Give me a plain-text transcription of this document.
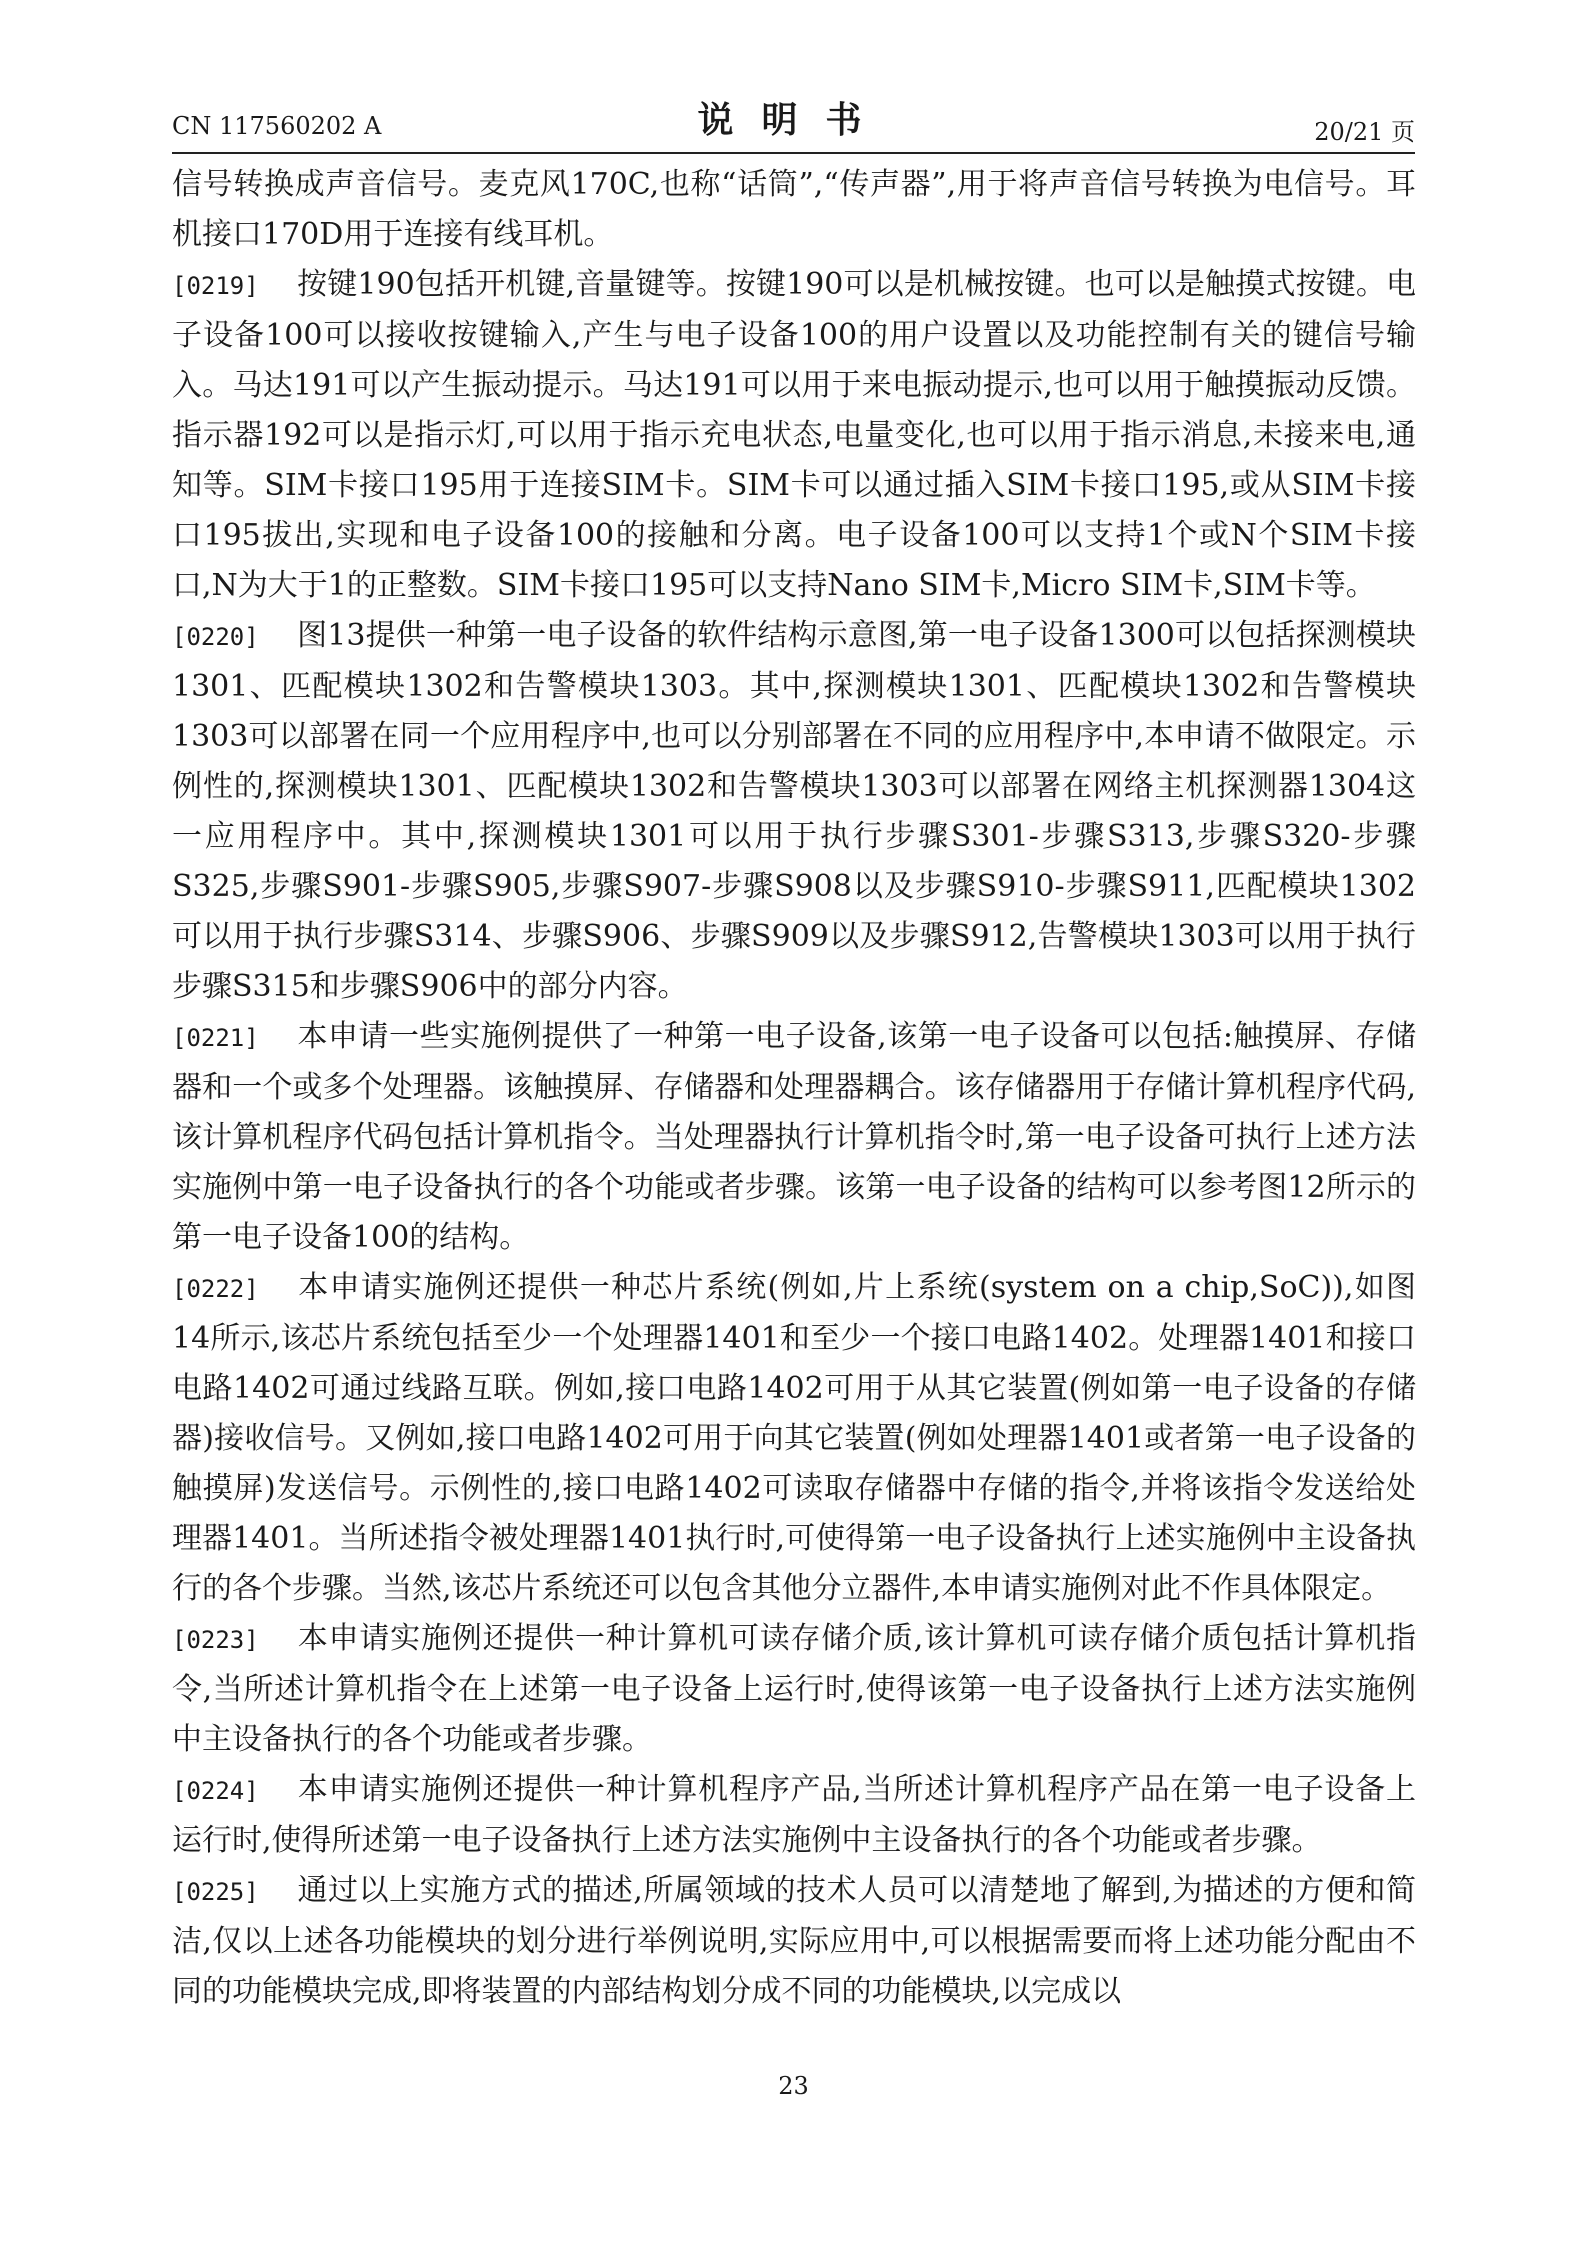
CN 117560202 A	说明书	20/21 页

信号转换成声音信号。麦克风170C,也称“话筒”,“传声器”,用于将声音信号转换为电信号。耳机接口170D用于连接有线耳机。

[0219] 按键190包括开机键,音量键等。按键190可以是机械按键。也可以是触摸式按键。电子设备100可以接收按键输入,产生与电子设备100的用户设置以及功能控制有关的键信号输入。马达191可以产生振动提示。马达191可以用于来电振动提示,也可以用于触摸振动反馈。指示器192可以是指示灯,可以用于指示充电状态,电量变化,也可以用于指示消息,未接来电,通知等。SIM卡接口195用于连接SIM卡。SIM卡可以通过插入SIM卡接口195,或从SIM卡接口195拔出,实现和电子设备100的接触和分离。电子设备100可以支持1个或N个SIM卡接口,N为大于1的正整数。SIM卡接口195可以支持Nano SIM卡,Micro SIM卡,SIM卡等。

[0220] 图13提供一种第一电子设备的软件结构示意图,第一电子设备1300可以包括探测模块1301、匹配模块1302和告警模块1303。其中,探测模块1301、匹配模块1302和告警模块1303可以部署在同一个应用程序中,也可以分别部署在不同的应用程序中,本申请不做限定。示例性的,探测模块1301、匹配模块1302和告警模块1303可以部署在网络主机探测器1304这一应用程序中。其中,探测模块1301可以用于执行步骤S301-步骤S313,步骤S320-步骤S325,步骤S901-步骤S905,步骤S907-步骤S908以及步骤S910-步骤S911,匹配模块1302可以用于执行步骤S314、步骤S906、步骤S909以及步骤S912,告警模块1303可以用于执行步骤S315和步骤S906中的部分内容。

[0221] 本申请一些实施例提供了一种第一电子设备,该第一电子设备可以包括:触摸屏、存储器和一个或多个处理器。该触摸屏、存储器和处理器耦合。该存储器用于存储计算机程序代码,该计算机程序代码包括计算机指令。当处理器执行计算机指令时,第一电子设备可执行上述方法实施例中第一电子设备执行的各个功能或者步骤。该第一电子设备的结构可以参考图12所示的第一电子设备100的结构。

[0222] 本申请实施例还提供一种芯片系统(例如,片上系统(system on a chip,SoC)),如图14所示,该芯片系统包括至少一个处理器1401和至少一个接口电路1402。处理器1401和接口电路1402可通过线路互联。例如,接口电路1402可用于从其它装置(例如第一电子设备的存储器)接收信号。又例如,接口电路1402可用于向其它装置(例如处理器1401或者第一电子设备的触摸屏)发送信号。示例性的,接口电路1402可读取存储器中存储的指令,并将该指令发送给处理器1401。当所述指令被处理器1401执行时,可使得第一电子设备执行上述实施例中主设备执行的各个步骤。当然,该芯片系统还可以包含其他分立器件,本申请实施例对此不作具体限定。

[0223] 本申请实施例还提供一种计算机可读存储介质,该计算机可读存储介质包括计算机指令,当所述计算机指令在上述第一电子设备上运行时,使得该第一电子设备执行上述方法实施例中主设备执行的各个功能或者步骤。

[0224] 本申请实施例还提供一种计算机程序产品,当所述计算机程序产品在第一电子设备上运行时,使得所述第一电子设备执行上述方法实施例中主设备执行的各个功能或者步骤。

[0225] 通过以上实施方式的描述,所属领域的技术人员可以清楚地了解到,为描述的方便和简洁,仅以上述各功能模块的划分进行举例说明,实际应用中,可以根据需要而将上述功能分配由不同的功能模块完成,即将装置的内部结构划分成不同的功能模块,以完成以

23
